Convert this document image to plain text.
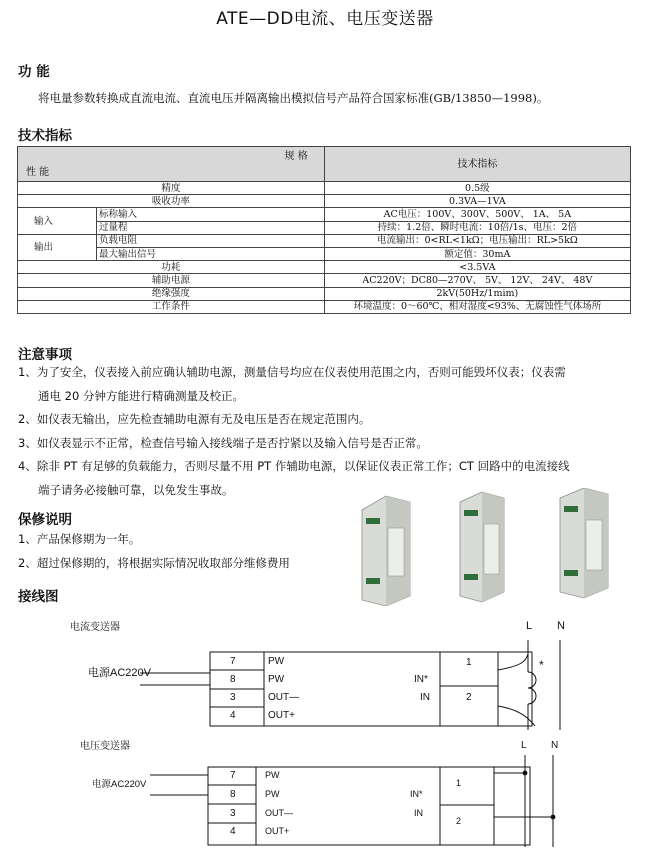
ATE—DD电流、电压变送器
功 能
将电量参数转换成直流电流、直流电压并隔离输出模拟信号产品符合国家标准(GB/13850—1998)。
技术指标
规 格
性 能		技术指标
精度		0.5级
吸收功率		0.3VA—1VA
输入	标称输入	AC电压：100V、300V、500V、 1A、 5A
	过量程	持续：1.2倍、瞬时电流：10倍/1s、电压：2倍
输出	负载电阻	电流输出：0<RL<1kΩ；电压输出：RL>5kΩ
	最大输出信号	额定值：30mA
功耗		<3.5VA
辅助电源		AC220V；DC80—270V、 5V、 12V、 24V、 48V
绝缘强度		2kV(50Hz/1mim)
工作条件		环境温度：0～60℃、相对湿度<93%、无腐蚀性气体场所
注意事项

1、为了安全，仪表接入前应确认辅助电源，测量信号均应在仪表使用范围之内，否则可能毁坏仪表；仪表需

通电 20 分钟方能进行精确测量及校正。

2、如仪表无输出，应先检查辅助电源有无及电压是否在规定范围内。

3、如仪表显示不正常，检查信号输入接线端子是否拧紧以及输入信号是否正常。

4、除非 PT 有足够的负载能力，否则尽量不用 PT 作辅助电源，以保证仪表正常工作；CT 回路中的电流接线

端子请务必接触可靠，以免发生事故。

保修说明
1、产品保修期为一年。
2、超过保修期的，将根据实际情况收取部分维修费用
接线图
电流变送器	L N
电源AC220V
7
8
3
4
PW
PW
OUT—
OUT+
IN*
IN
1
2
*
电压变送器	L N
电源AC220V
7
8
3
4
PW
PW
OUT—
OUT+
IN*
IN
1
2
